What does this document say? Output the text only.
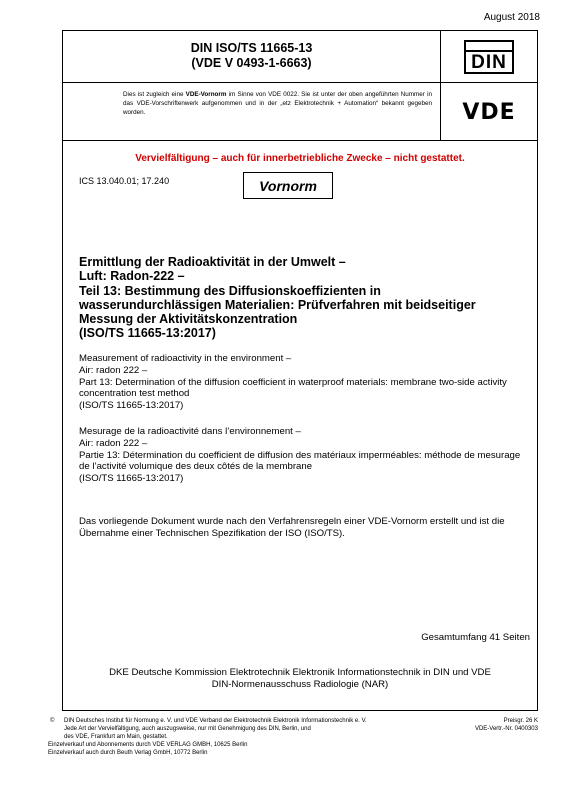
August 2018
DIN ISO/TS 11665-13
(VDE V 0493-1-6663)	DIN
Dies ist zugleich eine VDE-Vornorm im Sinne von VDE 0022. Sie ist unter der oben angeführten Nummer in das VDE-Vorschriftenwerk aufgenommen und in der „etz Elektrotechnik + Automation“ bekannt gegeben worden.	VDE
Vervielfältigung – auch für innerbetriebliche Zwecke – nicht gestattet.
ICS 13.040.01; 17.240	Vornorm
Ermittlung der Radioaktivität in der Umwelt –
Luft: Radon-222 –
Teil 13: Bestimmung des Diffusionskoeffizienten in
wasserundurchlässigen Materialien: Prüfverfahren mit beidseitiger
Messung der Aktivitätskonzentration
(ISO/TS 11665-13:2017)
Measurement of radioactivity in the environment –
Air: radon 222 –
Part 13: Determination of the diffusion coefficient in waterproof materials: membrane two-side activity concentration test method
(ISO/TS 11665-13:2017)
Mesurage de la radioactivité dans l’environnement –
Air: radon 222 –
Partie 13: Détermination du coefficient de diffusion des matériaux imperméables: méthode de mesurage de l’activité volumique des deux côtés de la membrane
(ISO/TS 11665-13:2017)
Das vorliegende Dokument wurde nach den Verfahrensregeln einer VDE-Vornorm erstellt und ist die Übernahme einer Technischen Spezifikation der ISO (ISO/TS).
Gesamtumfang 41 Seiten
DKE Deutsche Kommission Elektrotechnik Elektronik Informationstechnik in DIN und VDE
DIN-Normenausschuss Radiologie (NAR)
© DIN Deutsches Institut für Normung e. V. und VDE Verband der Elektrotechnik Elektronik Informationstechnik e. V.
Jede Art der Vervielfältigung, auch auszugsweise, nur mit Genehmigung des DIN, Berlin, und
des VDE, Frankfurt am Main, gestattet.
Einzelverkauf und Abonnements durch VDE VERLAG GMBH, 10625 Berlin
Einzelverkauf auch durch Beuth Verlag GmbH, 10772 Berlin
Preisgr. 26 K
VDE-Vertr.-Nr. 0400303
